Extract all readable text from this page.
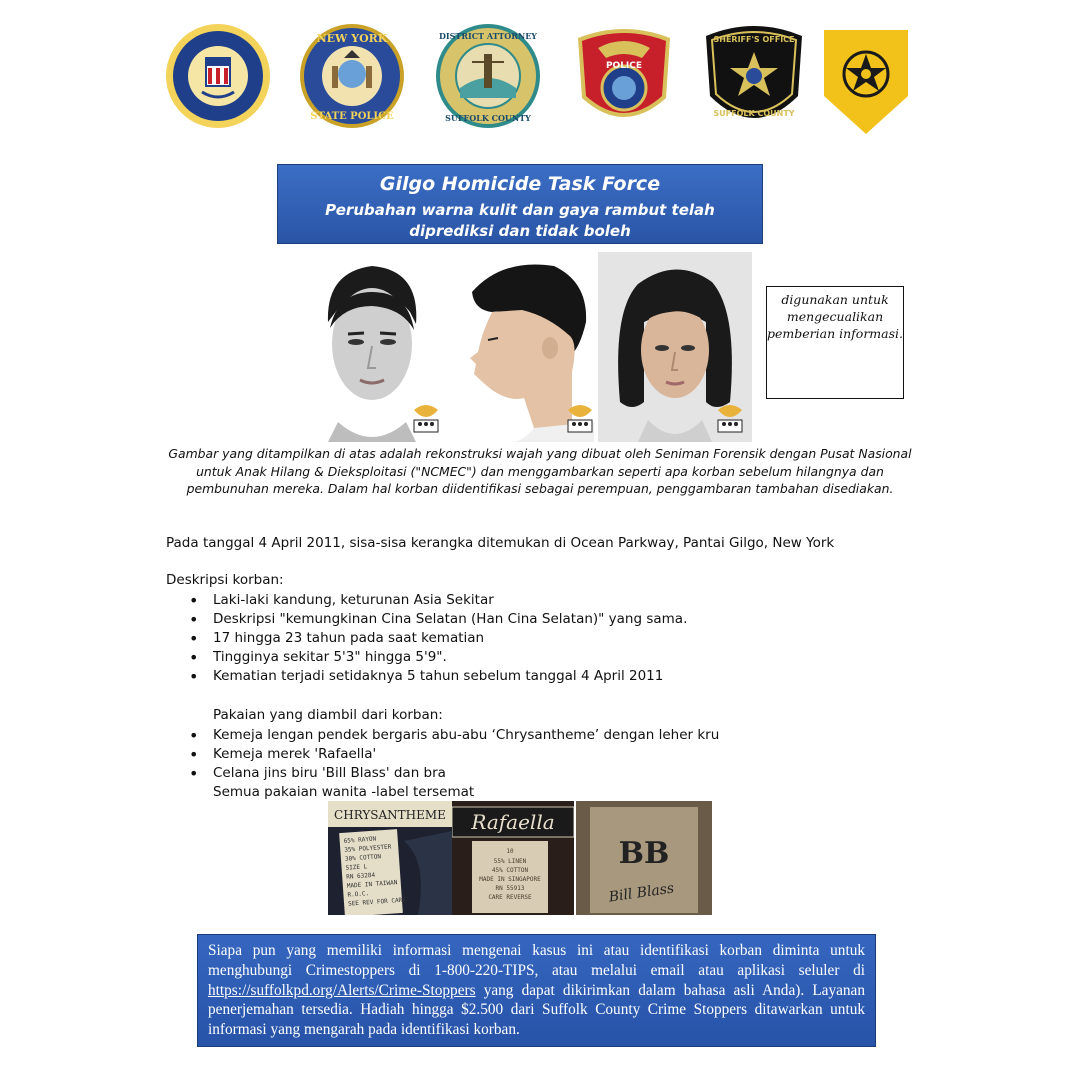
NEW YORK
STATE POLICE
DISTRICT ATTORNEY
SUFFOLK COUNTY
POLICE
SHERIFF'S OFFICE
SUFFOLK COUNTY
Gilgo Homicide Task Force
Perubahan warna kulit dan gaya rambut telah diprediksi dan tidak boleh
digunakan untuk mengecualikan pemberian informasi.
Gambar yang ditampilkan di atas adalah rekonstruksi wajah yang dibuat oleh Seniman Forensik dengan Pusat Nasional untuk Anak Hilang & Dieksploitasi ("NCMEC") dan menggambarkan seperti apa korban sebelum hilangnya dan pembunuhan mereka. Dalam hal korban diidentifikasi sebagai perempuan, penggambaran tambahan disediakan.
Pada tanggal 4 April 2011, sisa-sisa kerangka ditemukan di Ocean Parkway, Pantai Gilgo, New York
Deskripsi korban:
• Laki-laki kandung, keturunan Asia Sekitar
• Deskripsi "kemungkinan Cina Selatan (Han Cina Selatan)" yang sama.
• 17 hingga 23 tahun pada saat kematian
• Tingginya sekitar 5'3" hingga 5'9".
• Kematian terjadi setidaknya 5 tahun sebelum tanggal 4 April 2011
Pakaian yang diambil dari korban:
• Kemeja lengan pendek bergaris abu-abu ‘Chrysantheme’ dengan leher kru
• Kemeja merek 'Rafaella'
• Celana jins biru 'Bill Blass' dan bra
Semua pakaian wanita -label tersemat
CHRYSANTHEME
65% RAYON
35% POLYESTER
30% COTTON
SIZE L
RN 63284
MADE IN TAIWAN
R.O.C.
SEE REV FOR CARE
Rafaella
10
55% LINEN
45% COTTON
MADE IN SINGAPORE
RN 55913
CARE REVERSE
BB
Bill Blass
Siapa pun yang memiliki informasi mengenai kasus ini atau identifikasi korban diminta untuk menghubungi Crimestoppers di 1-800-220-TIPS, atau melalui email atau aplikasi seluler di https://suffolkpd.org/Alerts/Crime-Stoppers yang dapat dikirimkan dalam bahasa asli Anda). Layanan penerjemahan tersedia. Hadiah hingga $2.500 dari Suffolk County Crime Stoppers ditawarkan untuk informasi yang mengarah pada identifikasi korban.
